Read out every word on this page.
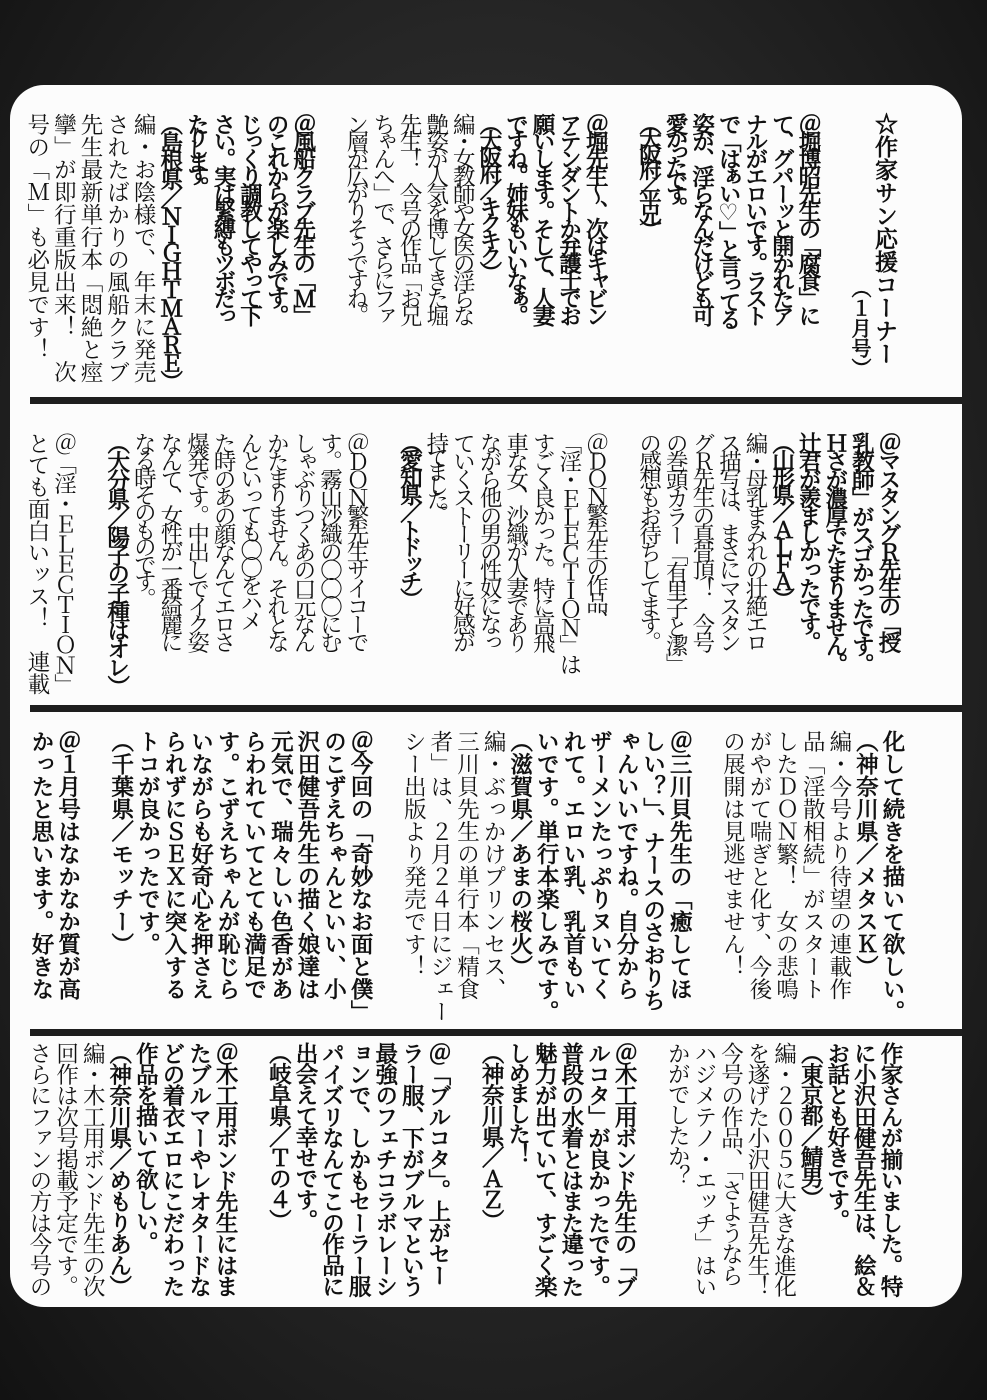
☆作家サン応援コーナー
（１月号）
＠堀博昭先生の「腐食」に
て、グパーッと開かれたア
ナルがエロいです。ラスト
で「はぁい♡」と言ってる
姿が、淫らなんだけども可
愛かったです。
（大阪府／平兄）
＠堀先生〜、次はキャビン
アテンダントか弁護士でお
願いします。そして、人妻
ですね。姉妹もいいなぁ。
（大阪府／キクキク）
編・女教師や女医の淫らな
艶姿が人気を博してきた堀
先生！　今号の作品「お兄
ちゃんへ」で、さらにファ
ン層が広がりそうですね。
＠風船クラブ先生の「Ｍ」
のこれからが楽しみです。
じっくり調教してやって下
さい。実は緊縛もツボだっ
たりします。
（島根県／ＮＩＧＨＴＭＡＲＥ）
編・お陰様で、年末に発売
されたばかりの風船クラブ
先生最新単行本「悶絶と痙
攣」が即行重版出来！　次
号の「Ｍ」も必見です！
＠マスタングＲ先生の「授
乳教師」がスゴかったです。
Ｈさが濃厚でたまりません。
辻君が羨ましかったです。
（山形県／ＡＬＦＡ）
編・母乳まみれの壮絶エロ
ス描写は、まさにマスタン
グＲ先生の真骨頂！　今号
の巻頭カラー「有里子と潔」
の感想もお待ちしてます。
＠ＤＯＮ繁先生の作品、
「淫・ＥＬＥＣＴＩＯＮ」は
すごく良かった。特に高飛
車な女、沙織が人妻であり
ながら他の男の性奴になっ
ていくストーリーに好感が
持てました。
（愛知県／トドッチ）
＠ＤＯＮ繁先生サイコーで
す。霧山沙織の〇〇〇にむ
しゃぶりつくあの口元なん
かたまりません。それとな
んといっても〇〇をハメ
た時のあの顔なんてエロさ
爆発です。中出しでイク姿
なんて、女性が一番綺麗に
なる時そのものです。
（大分県／陽子の子種はオレ）
＠「淫・ＥＬＥＣＴＩＯＮ」
とても面白いッス！　連載
化して続きを描いて欲しい。
（神奈川県／メタスＫ）
編・今号より待望の連載作
品「淫散相続」がスタート
したＤＯＮ繁！　女の悲鳴
がやがて喘ぎと化す、今後
の展開は見逃せません！
＠三川貝先生の「癒してほ
しい？」、ナースのさおりち
ゃんいいですね。自分から
ザーメンたっぷりヌいてく
れて。エロい乳、乳首もい
いです。単行本楽しみです。
（滋賀県／あまの桜火）
編・ぶっかけプリンセス、
三川貝先生の単行本「精食
者」は、２月２４日にジェー
シー出版より発売です！
＠今回の「奇妙なお面と僕」
のこずえちゃんといい、小
沢田健吾先生の描く娘達は
元気で、瑞々しい色香があ
らわれていてとても満足で
す。こずえちゃんが恥じら
いながらも好奇心を押さえ
られずにＳＥＸに突入する
トコが良かったです。
（千葉県／モッチー）
＠１月号はなかなか質が高
かったと思います。好きな
作家さんが揃いました。特
に小沢田健吾先生は、絵＆
お話とも好きです。
（東京都／鯖男）
編・２００５に大きな進化
を遂げた小沢田健吾先生！
今号の作品、「さようなら
ハジメテノ・エッチ」はい
かがでしたか？
＠木工用ボンド先生の「ブ
ルコタ」が良かったです。
普段の水着とはまた違った
魅力が出ていて、すごく楽
しめました！
（神奈川県／ＡＺ）
＠「ブルコタ」。上がセー
ラー服、下がブルマという
最強のフェチコラボレーシ
ョンで、しかもセーラー服
パイズリなんてこの作品に
出会えて幸せです。
（岐阜県／Ｔの４）
＠木工用ボンド先生にはま
たブルマーやレオタードな
どの着衣エロにこだわった
作品を描いて欲しい。
（神奈川県／めもりあん）
編・木工用ボンド先生の次
回作は次号掲載予定です。
さらにファンの方は今号の
